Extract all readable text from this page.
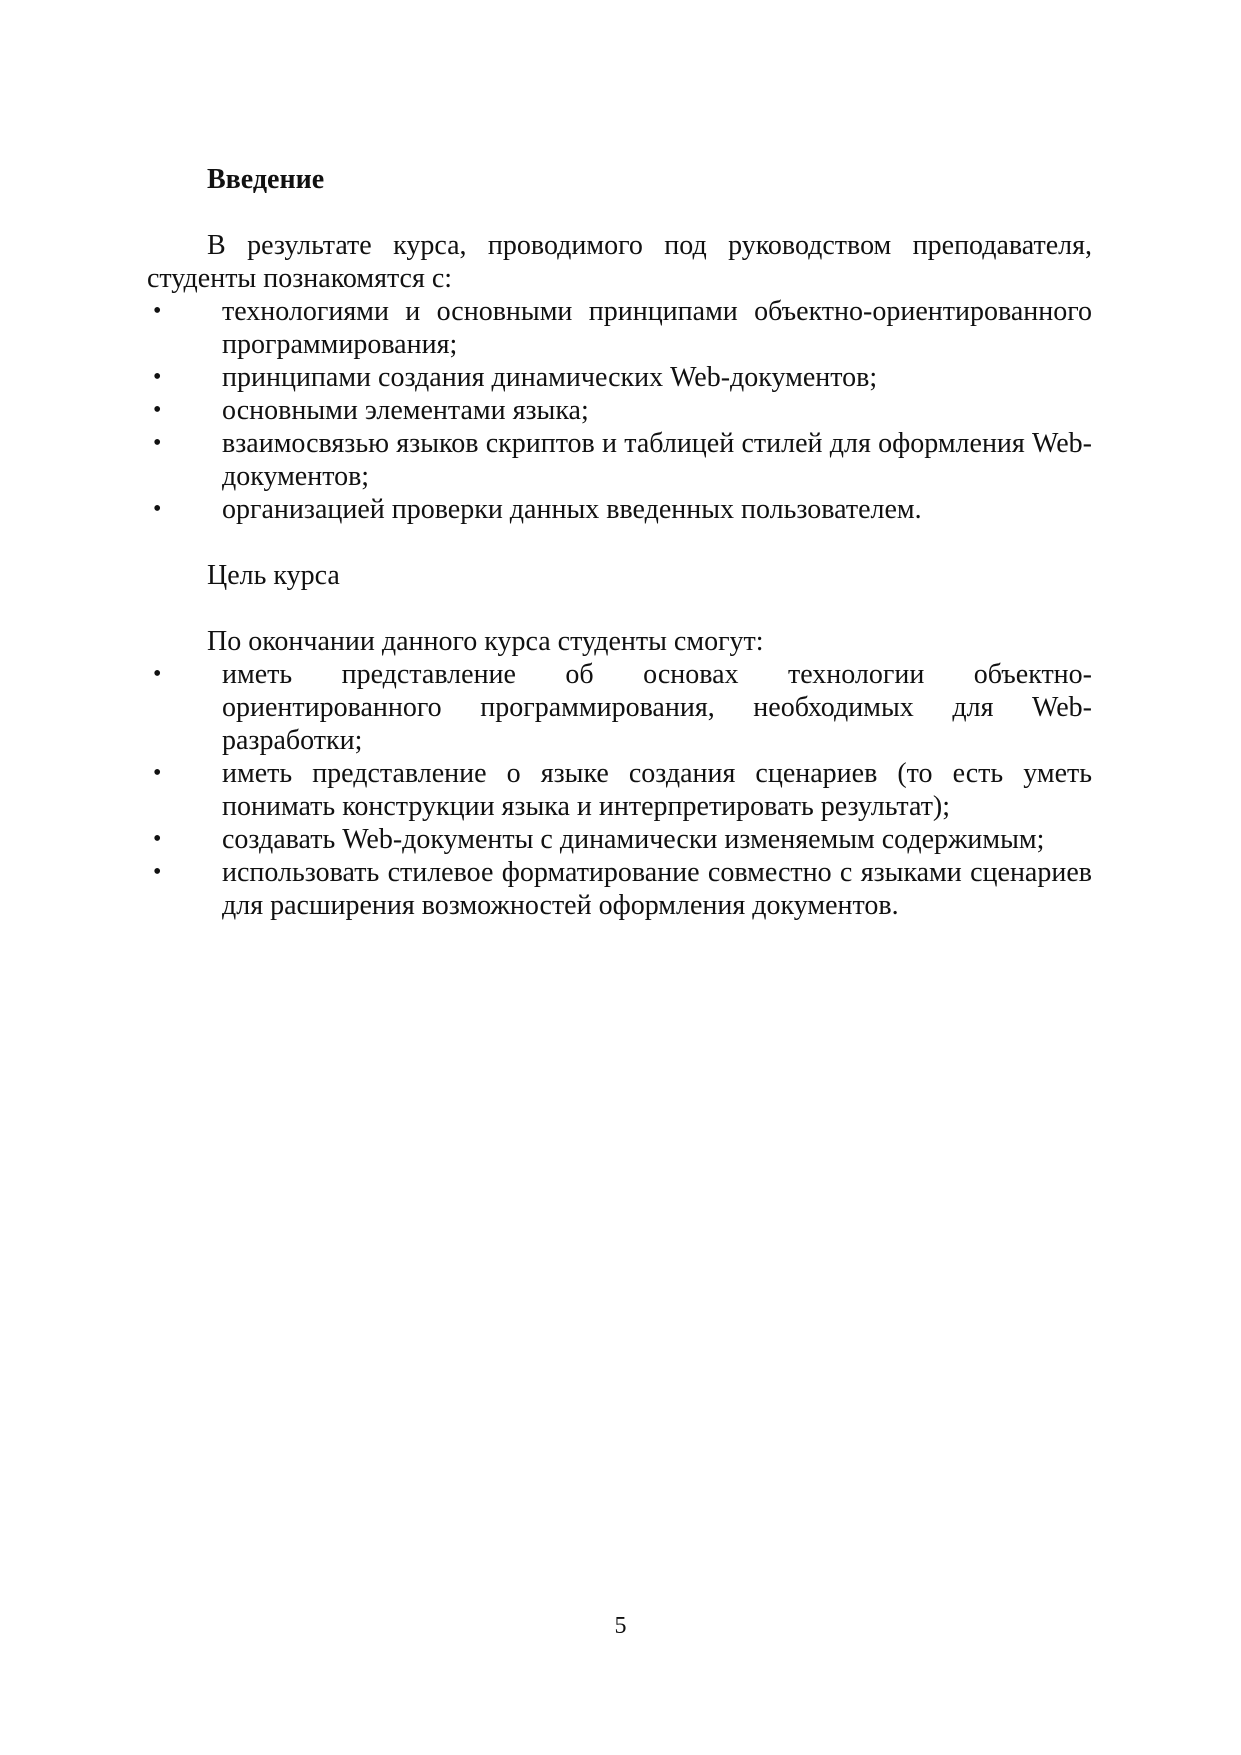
Введение

В результате курса, проводимого под руководством преподавателя, студенты познакомятся с:

•	технологиями и основными принципами объектно-ориентированного программирования;
•	принципами создания динамических Web-документов;
•	основными элементами языка;
•	взаимосвязью языков скриптов и таблицей стилей для оформления Web-документов;
•	организацией проверки данных введенных пользователем.

Цель курса

По окончании данного курса студенты смогут:

•	иметь представление об основах технологии объектно-ориентированного программирования, необходимых для Web-разработки;
•	иметь представление о языке создания сценариев (то есть уметь понимать конструкции языка и интерпретировать результат);
•	создавать Web-документы с динамически изменяемым содержимым;
•	использовать стилевое форматирование совместно с языками сценариев для расширения возможностей оформления документов.
5
